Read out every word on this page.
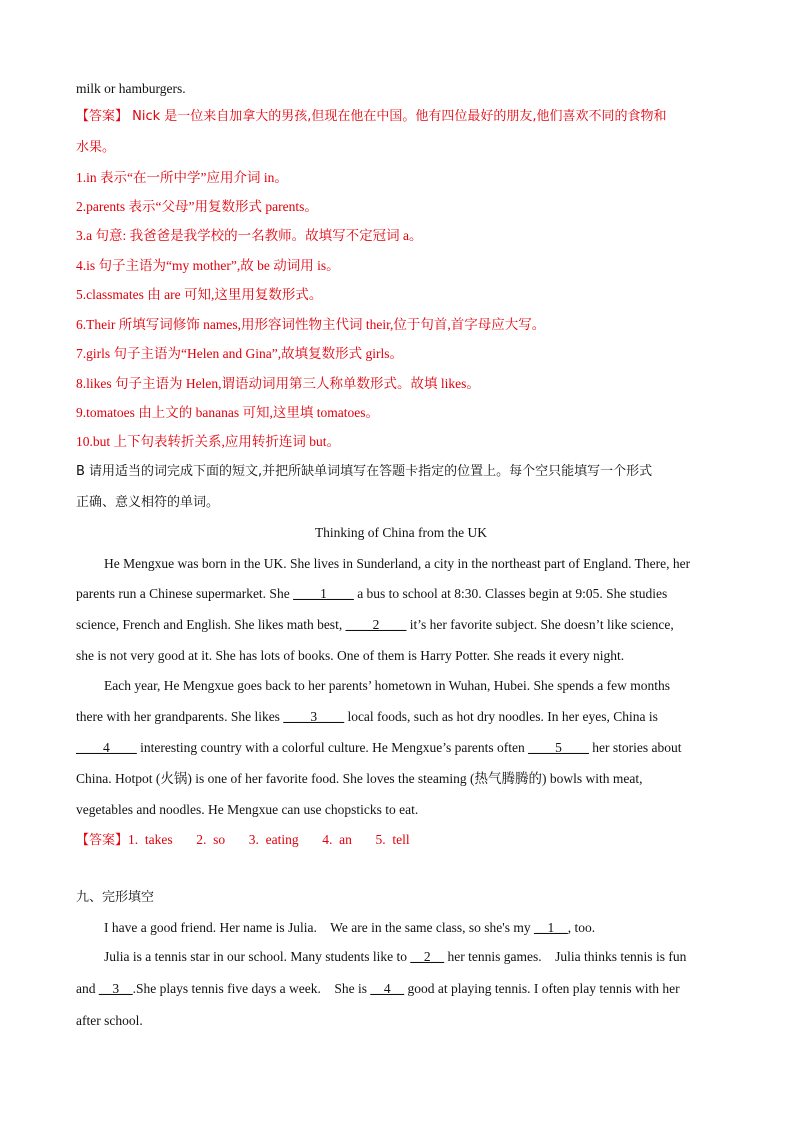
milk or hamburgers.
【答案】 Nick 是一位来自加拿大的男孩,但现在他在中国。他有四位最好的朋友,他们喜欢不同的食物和
水果。
1.in 表示“在一所中学”应用介词 in。
2.parents 表示“父母”用复数形式 parents。
3.a 句意: 我爸爸是我学校的一名教师。故填写不定冠词 a。
4.is 句子主语为“my mother”,故 be 动词用 is。
5.classmates 由 are 可知,这里用复数形式。
6.Their 所填写词修饰 names,用形容词性物主代词 their,位于句首,首字母应大写。
7.girls 句子主语为“Helen and Gina”,故填复数形式 girls。
8.likes 句子主语为 Helen,谓语动词用第三人称单数形式。故填 likes。
9.tomatoes 由上文的 bananas 可知,这里填 tomatoes。
10.but 上下句表转折关系,应用转折连词 but。
B 请用适当的词完成下面的短文,并把所缺单词填写在答题卡指定的位置上。每个空只能填写一个形式
正确、意义相符的单词。
Thinking of China from the UK
He Mengxue was born in the UK. She lives in Sunderland, a city in the northeast part of England. There, her
parents run a Chinese supermarket. She ____1____ a bus to school at 8:30. Classes begin at 9:05. She studies
science, French and English. She likes math best, ____2____ it’s her favorite subject. She doesn’t like science,
she is not very good at it. She has lots of books. One of them is Harry Potter. She reads it every night.
Each year, He Mengxue goes back to her parents’ hometown in Wuhan, Hubei. She spends a few months
there with her grandparents. She likes ____3____ local foods, such as hot dry noodles. In her eyes, China is
____4____ interesting country with a colorful culture. He Mengxue’s parents often ____5____ her stories about
China. Hotpot (火锅) is one of her favorite food. She loves the steaming (热气腾腾的) bowls with meat,
vegetables and noodles. He Mengxue can use chopsticks to eat.
【答案】1.  takes       2.  so       3.  eating       4.  an       5.  tell
九、完形填空
I have a good friend. Her name is Julia.    We are in the same class, so she's my __1__, too.
Julia is a tennis star in our school. Many students like to __2__ her tennis games.    Julia thinks tennis is fun
and __3__.She plays tennis five days a week.    She is __4__ good at playing tennis. I often play tennis with her
after school.
